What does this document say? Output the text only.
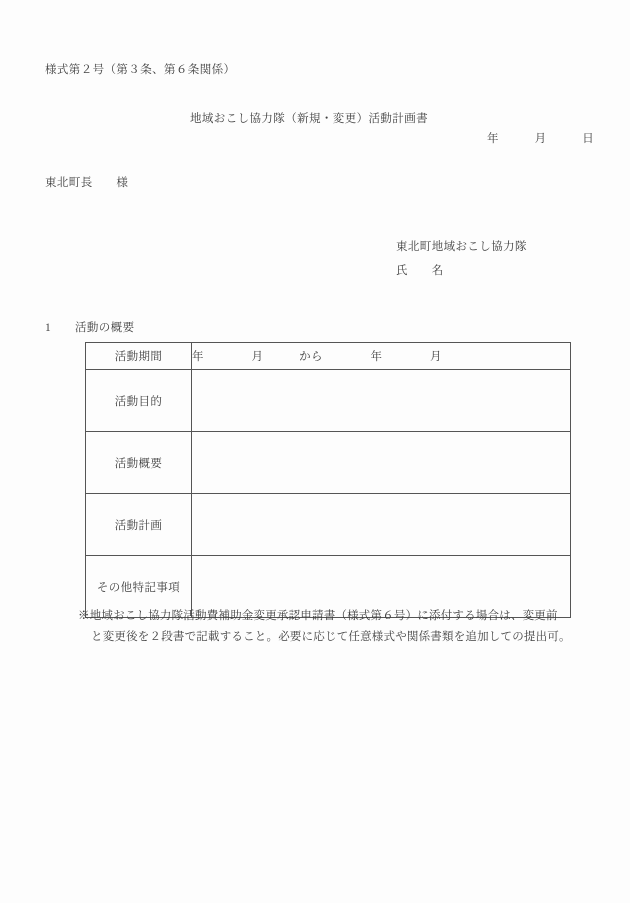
様式第２号（第３条、第６条関係）
地域おこし協力隊（新規・変更）活動計画書
年　　　月　　　日
東北町長　　様
東北町地域おこし協力隊
氏　　名
1　　 活動の概要
活動期間	年　　　　月　　　から　　　　年　　　　月
活動目的	
活動概要	
活動計画	
その他特記事項	
※地域おこし協力隊活動費補助金変更承認申請書（様式第６号）に添付する場合は、変更前
と変更後を２段書で記載すること。必要に応じて任意様式や関係書類を追加しての提出可。
